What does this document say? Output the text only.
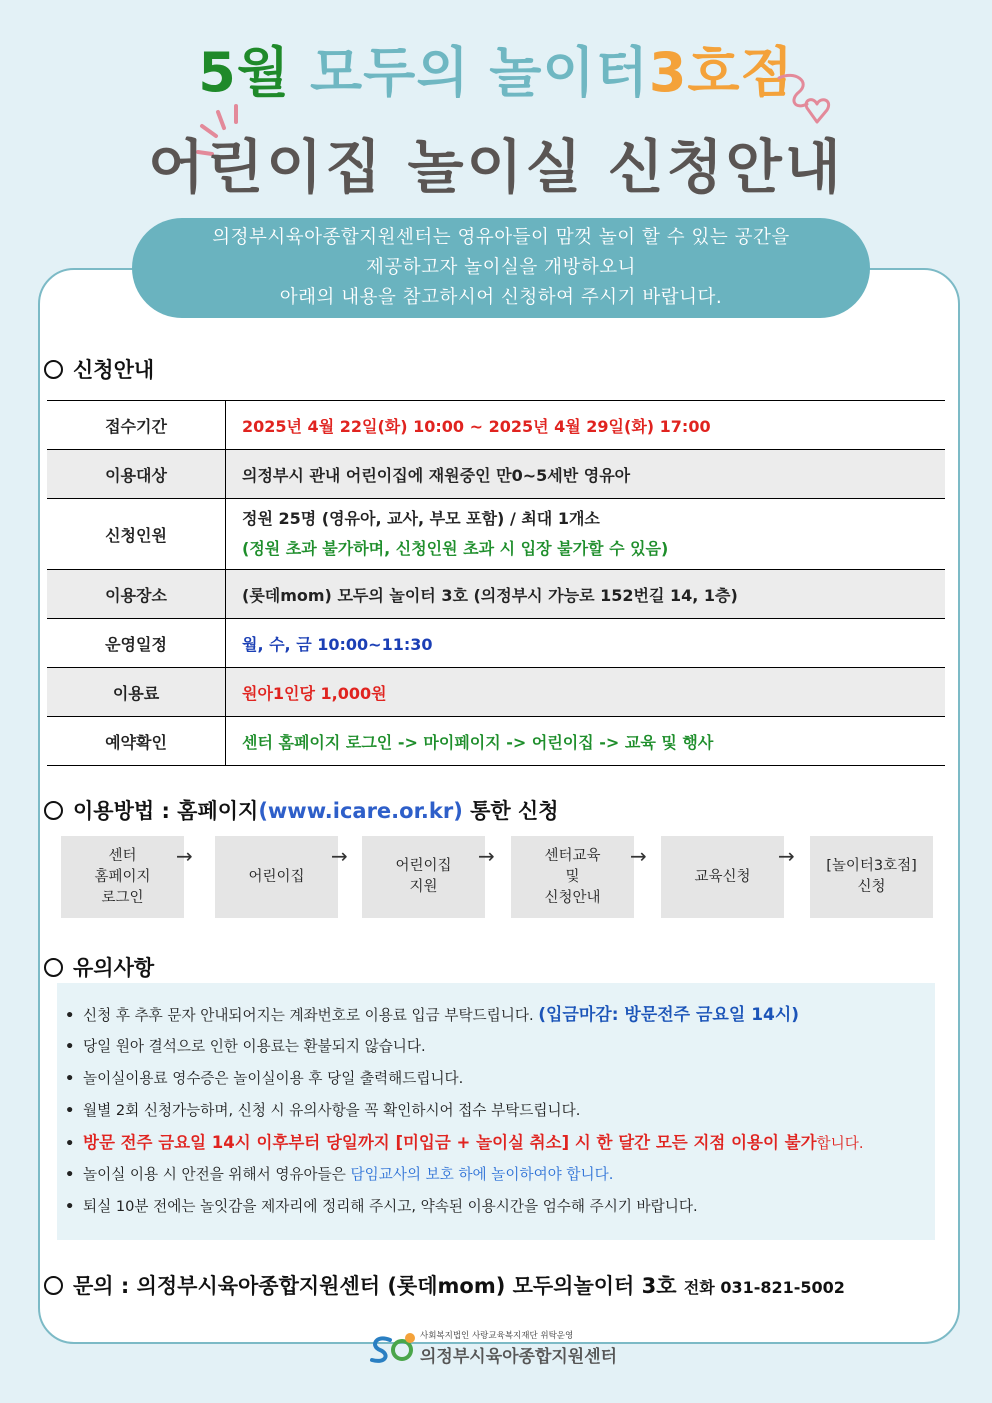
5월 모두의 놀이터3호점
어린이집 놀이실 신청안내
의정부시육아종합지원센터는 영유아들이 맘껏 놀이 할 수 있는 공간을
제공하고자 놀이실을 개방하오니
아래의 내용을 참고하시어 신청하여 주시기 바랍니다.
신청안내
접수기간	2025년 4월 22일(화) 10:00 ~ 2025년 4월 29일(화) 17:00
이용대상	의정부시 관내 어린이집에 재원중인 만0~5세반 영유아
신청인원	정원 25명 (영유아, 교사, 부모 포함) / 최대 1개소
(정원 초과 불가하며, 신청인원 초과 시 입장 불가할 수 있음)

이용장소	(롯데mom) 모두의 놀이터 3호 (의정부시 가능로 152번길 14, 1층)
운영일정	월, 수, 금 10:00~11:30
이용료	원아1인당 1,000원
예약확인	센터 홈페이지 로그인 -> 마이페이지 -> 어린이집 -> 교육 및 행사
이용방법 : 홈페이지(www.icare.or.kr) 통한 신청
센터
홈페이지
로그인
→
어린이집
→	어린이집
지원
→	센터교육
및
신청안내
→
교육신청
→ [놀이터3호점]
신청
유의사항
• 신청 후 추후 문자 안내되어지는 계좌번호로 이용료 입금 부탁드립니다. (입금마감: 방문전주 금요일 14시)
• 당일 원아 결석으로 인한 이용료는 환불되지 않습니다.
• 놀이실이용료 영수증은 놀이실이용 후 당일 출력해드립니다.
• 월별 2회 신청가능하며, 신청 시 유의사항을 꼭 확인하시어 접수 부탁드립니다.
• 방문 전주 금요일 14시 이후부터 당일까지 [미입금 + 놀이실 취소] 시 한 달간 모든 지점 이용이 불가합니다.
• 놀이실 이용 시 안전을 위해서 영유아들은 담임교사의 보호 하에 놀이하여야 합니다.
• 퇴실 10분 전에는 놀잇감을 제자리에 정리해 주시고, 약속된 이용시간을 엄수해 주시기 바랍니다.
문의 : 의정부시육아종합지원센터 (롯데mom) 모두의놀이터 3호 전화 031-821-5002
사회복지법인 사랑교육복지재단 위탁운영
의정부시육아종합지원센터
